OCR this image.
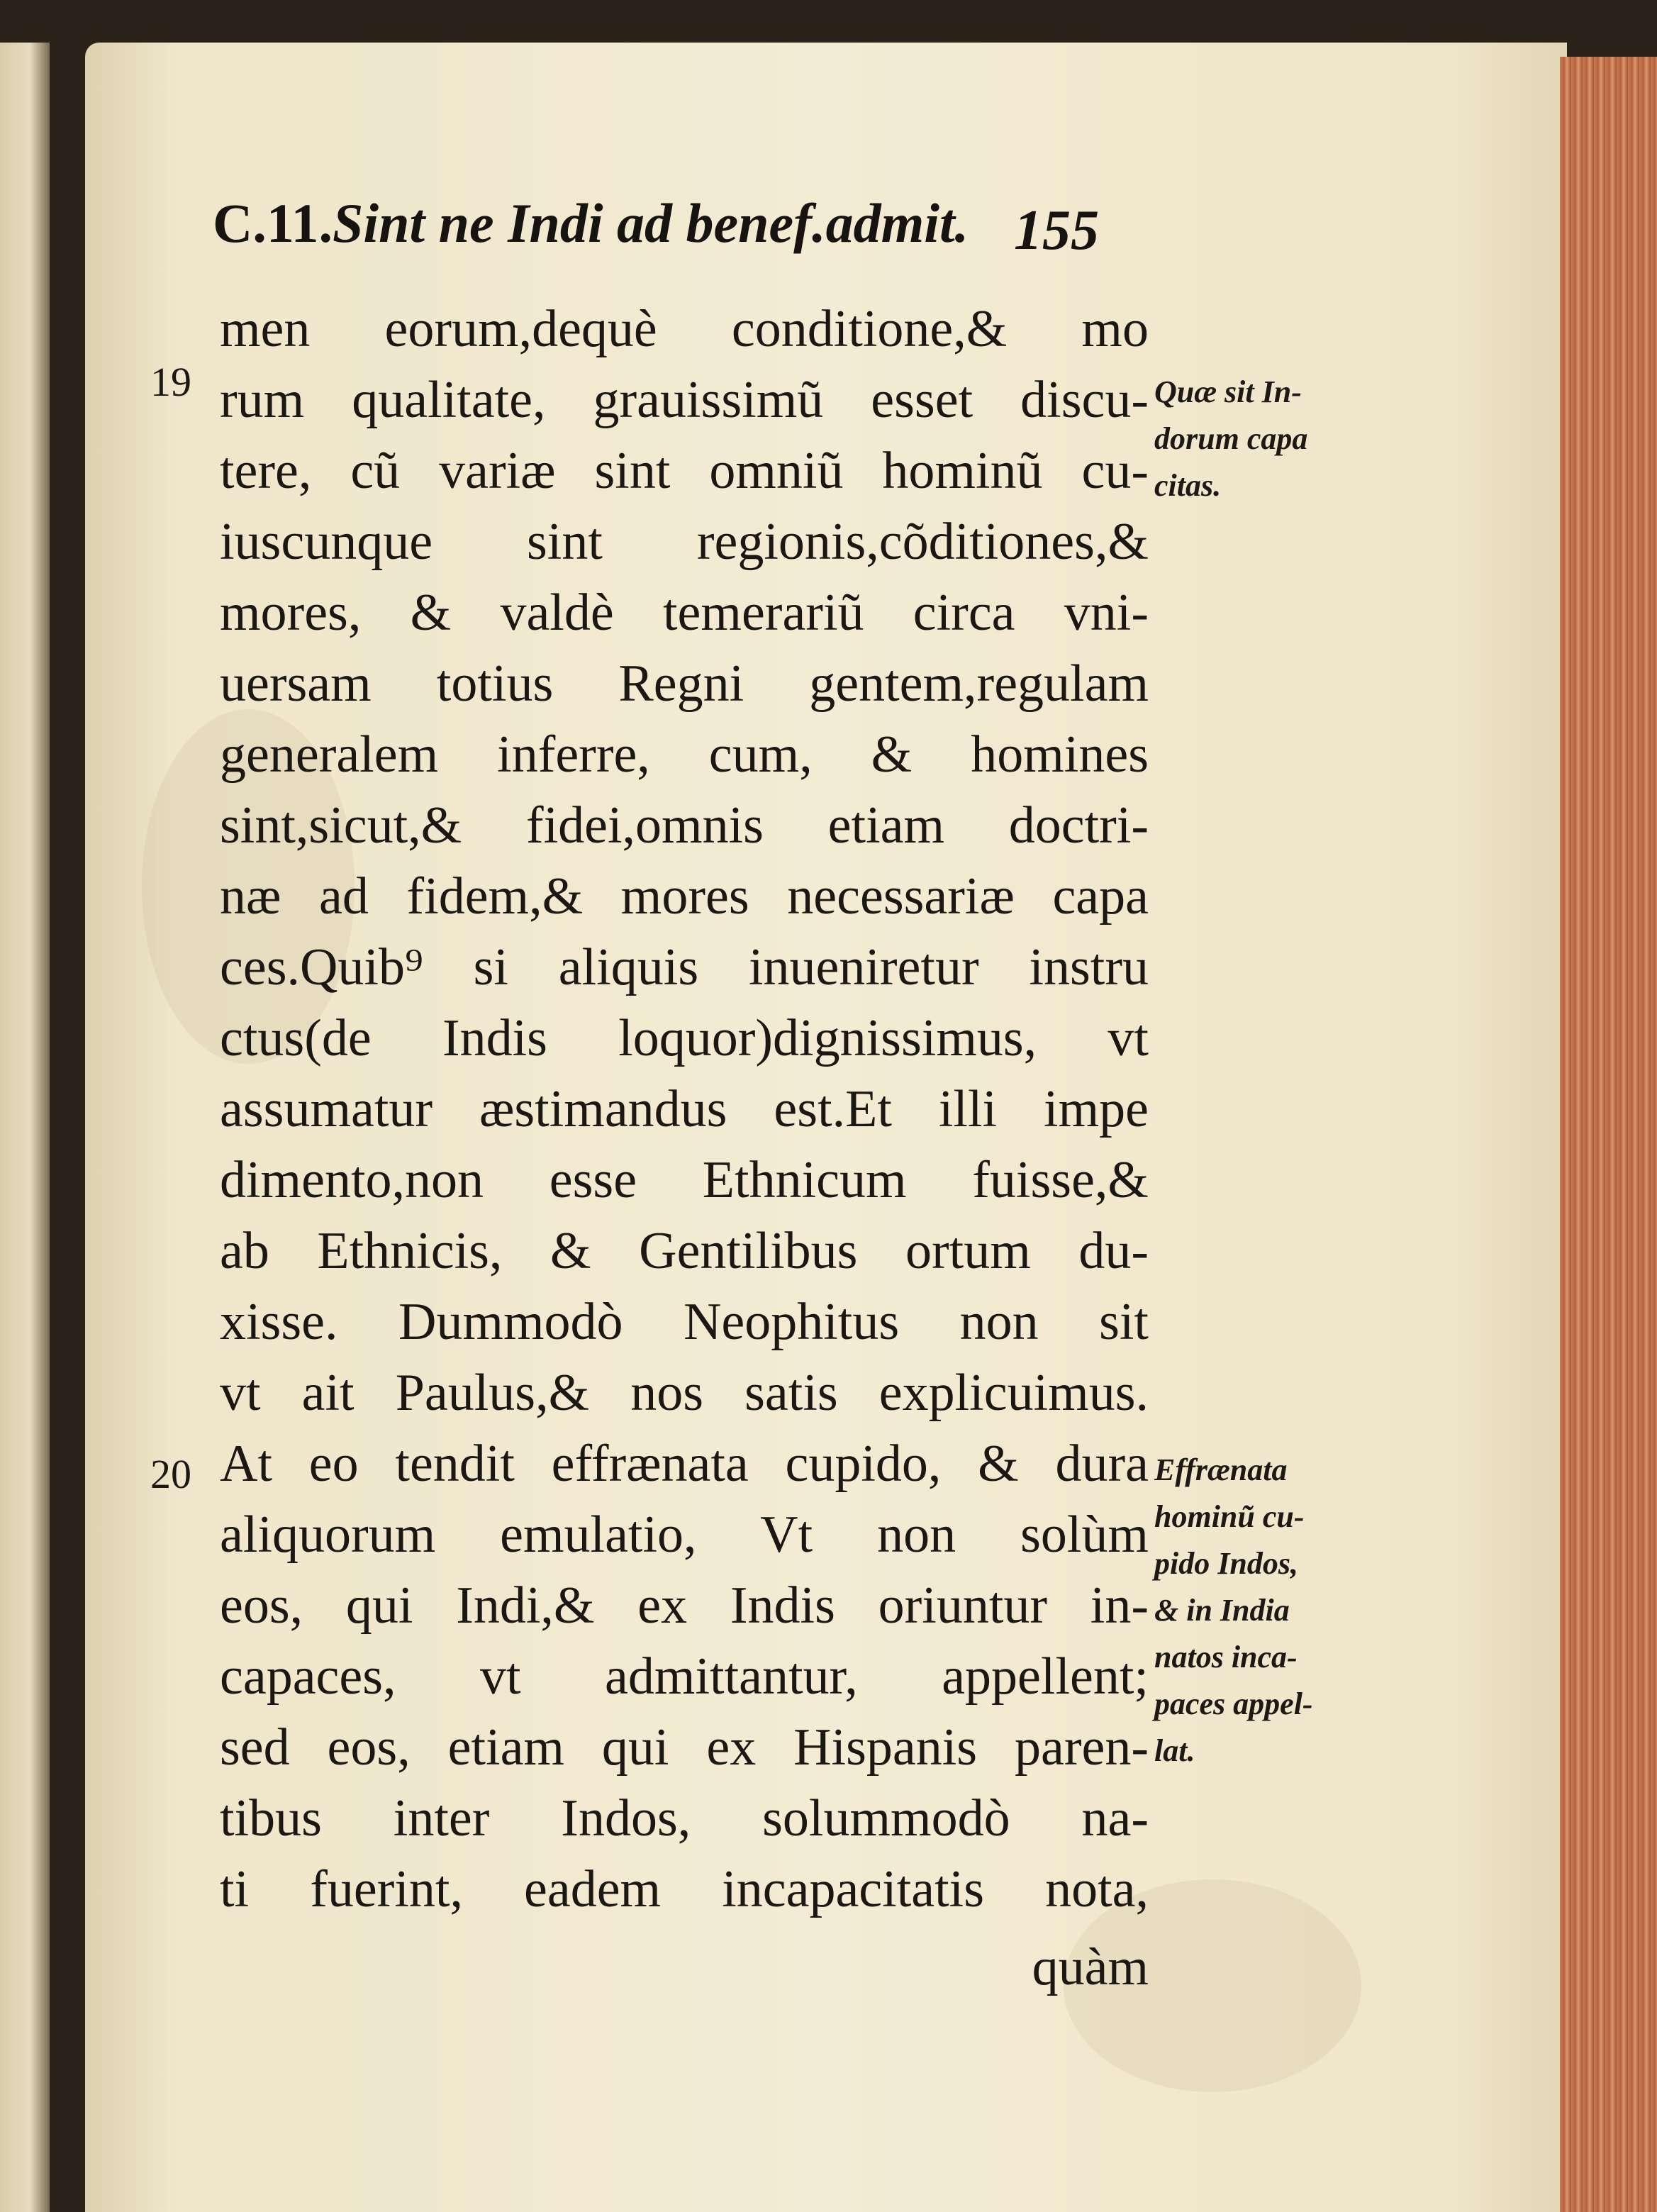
C.11.Sint ne Indi ad benef.admit. 155
19
20
men eorum,dequè conditione,& mo
rum qualitate, grauissimũ esset discu-
tere, cũ variæ sint omniũ hominũ cu-
iuscunque sint regionis,cõditiones,&
mores, & valdè temerariũ circa vni-
uersam totius Regni gentem,regulam
generalem inferre, cum, & homines
sint,sicut,& fidei,omnis etiam doctri-
næ ad fidem,& mores necessariæ capa
ces.Quib⁹ si aliquis inueniretur instru
ctus(de Indis loquor)dignissimus, vt
assumatur æstimandus est.Et illi impe
dimento,non esse Ethnicum fuisse,&
ab Ethnicis, & Gentilibus ortum du-
xisse. Dummodò Neophitus non sit
vt ait Paulus,& nos satis explicuimus.
At eo tendit effrænata cupido, & dura
aliquorum emulatio, Vt non solùm
eos, qui Indi,& ex Indis oriuntur in-
capaces, vt admittantur, appellent;
sed eos, etiam qui ex Hispanis paren-
tibus inter Indos, solummodò na-
ti fuerint, eadem incapacitatis nota,
quàm
Quæ sit In-
dorum capa
citas.
Effrænata
hominũ cu-
pido Indos,
& in India
natos inca-
paces appel-
lat.
